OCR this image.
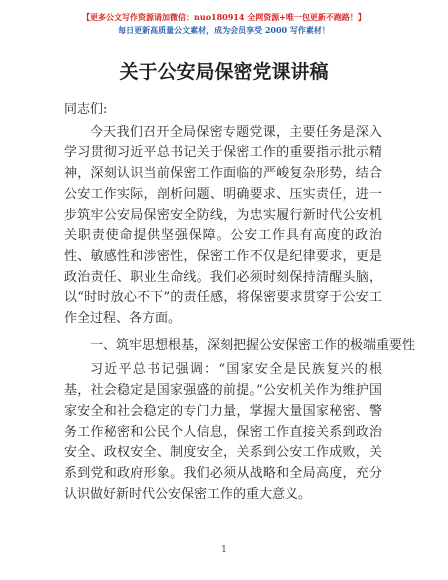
【更多公文写作资源请加微信：nuo180914 全网资源+唯一包更新不跑路！】
每日更新高质量公文素材，成为会员享受 2000 写作素材！
关于公安局保密党课讲稿

同志们:

今天我们召开全局保密专题党课，主要任务是深入学习贯彻习近平总书记关于保密工作的重要指示批示精神，深刻认识当前保密工作面临的严峻复杂形势，结合公安工作实际，剖析问题、明确要求、压实责任，进一步筑牢公安局保密安全防线，为忠实履行新时代公安机关职责使命提供坚强保障。公安工作具有高度的政治性、敏感性和涉密性，保密工作不仅是纪律要求，更是政治责任、职业生命线。我们必须时刻保持清醒头脑，以“时时放心不下”的责任感，将保密要求贯穿于公安工作全过程、各方面。

一、筑牢思想根基，深刻把握公安保密工作的极端重要性

习近平总书记强调：“国家安全是民族复兴的根基，社会稳定是国家强盛的前提。”公安机关作为维护国家安全和社会稳定的专门力量，掌握大量国家秘密、警务工作秘密和公民个人信息，保密工作直接关系到政治安全、政权安全、制度安全，关系到公安工作成败，关系到党和政府形象。我们必须从战略和全局高度，充分认识做好新时代公安保密工作的重大意义。

1
